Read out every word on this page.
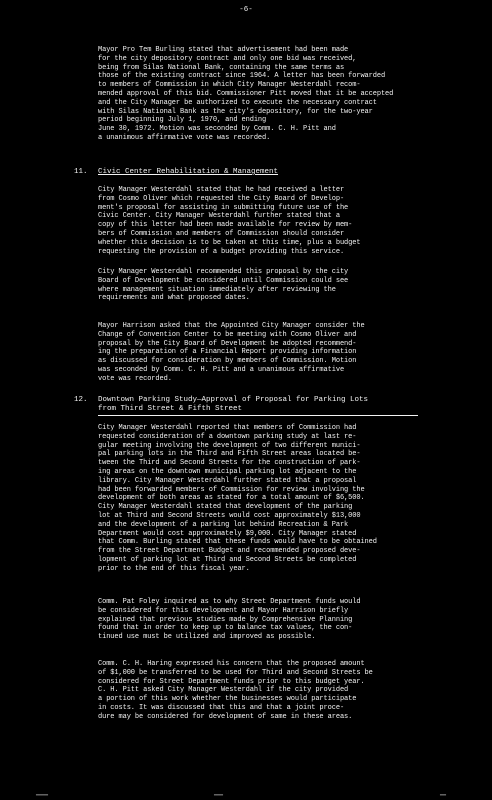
-6-
Mayor Pro Tem Burling stated that advertisement had been made
for the city depository contract and only one bid was received,
being from Silas National Bank, containing the same terms as
those of the existing contract since 1964. A letter has been forwarded
to members of Commission in which City Manager Westerdahl recom-
mended approval of this bid. Commissioner Pitt moved that it be accepted
and the City Manager be authorized to execute the necessary contract
with Silas National Bank as the city's depository, for the two-year
period beginning July 1, 1970, and ending
June 30, 1972. Motion was seconded by Comm. C. H. Pitt and
a unanimous affirmative vote was recorded.
11. Civic Center Rehabilitation & Management
City Manager Westerdahl stated that he had received a letter
from Cosmo Oliver which requested the City Board of Develop-
ment's proposal for assisting in submitting future use of the
Civic Center. City Manager Westerdahl further stated that a
copy of this letter had been made available for review by mem-
bers of Commission and members of Commission should consider
whether this decision is to be taken at this time, plus a budget
requesting the provision of a budget providing this service.
City Manager Westerdahl recommended this proposal by the city
Board of Development be considered until Commission could see
where management situation immediately after reviewing the
requirements and what proposed dates.
Mayor Harrison asked that the Appointed City Manager consider the
Change of Convention Center to be meeting with Cosmo Oliver and
proposal by the City Board of Development be adopted recommend-
ing the preparation of a Financial Report providing information
as discussed for consideration by members of Commission. Motion
was seconded by Comm. C. H. Pitt and a unanimous affirmative
vote was recorded.
12. Downtown Parking Study—Approval of Proposal for Parking Lots
from Third Street & Fifth Street
City Manager Westerdahl reported that members of Commission had
requested consideration of a downtown parking study at last re-
gular meeting involving the development of two different munici-
pal parking lots in the Third and Fifth Street areas located be-
tween the Third and Second Streets for the construction of park-
ing areas on the downtown municipal parking lot adjacent to the
library. City Manager Westerdahl further stated that a proposal
had been forwarded members of Commission for review involving the
development of both areas as stated for a total amount of $6,500.
City Manager Westerdahl stated that development of the parking
lot at Third and Second Streets would cost approximately $13,000
and the development of a parking lot behind Recreation & Park
Department would cost approximately $9,000. City Manager stated
that Comm. Burling stated that these funds would have to be obtained
from the Street Department Budget and recommended proposed deve-
lopment of parking lot at Third and Second Streets be completed
prior to the end of this fiscal year.
Comm. Pat Foley inquired as to why Street Department funds would
be considered for this development and Mayor Harrison briefly
explained that previous studies made by Comprehensive Planning
found that in order to keep up to balance tax values, the con-
tinued use must be utilized and improved as possible.
Comm. C. H. Haring expressed his concern that the proposed amount
of $1,000 be transferred to be used for Third and Second Streets be
considered for Street Department funds prior to this budget year.
C. H. Pitt asked City Manager Westerdahl if the city provided
a portion of this work whether the businesses would participate
in costs. It was discussed that this and that a joint proce-
dure may be considered for development of same in these areas.
▁▁▁▁	▁▁▁	▁▁
